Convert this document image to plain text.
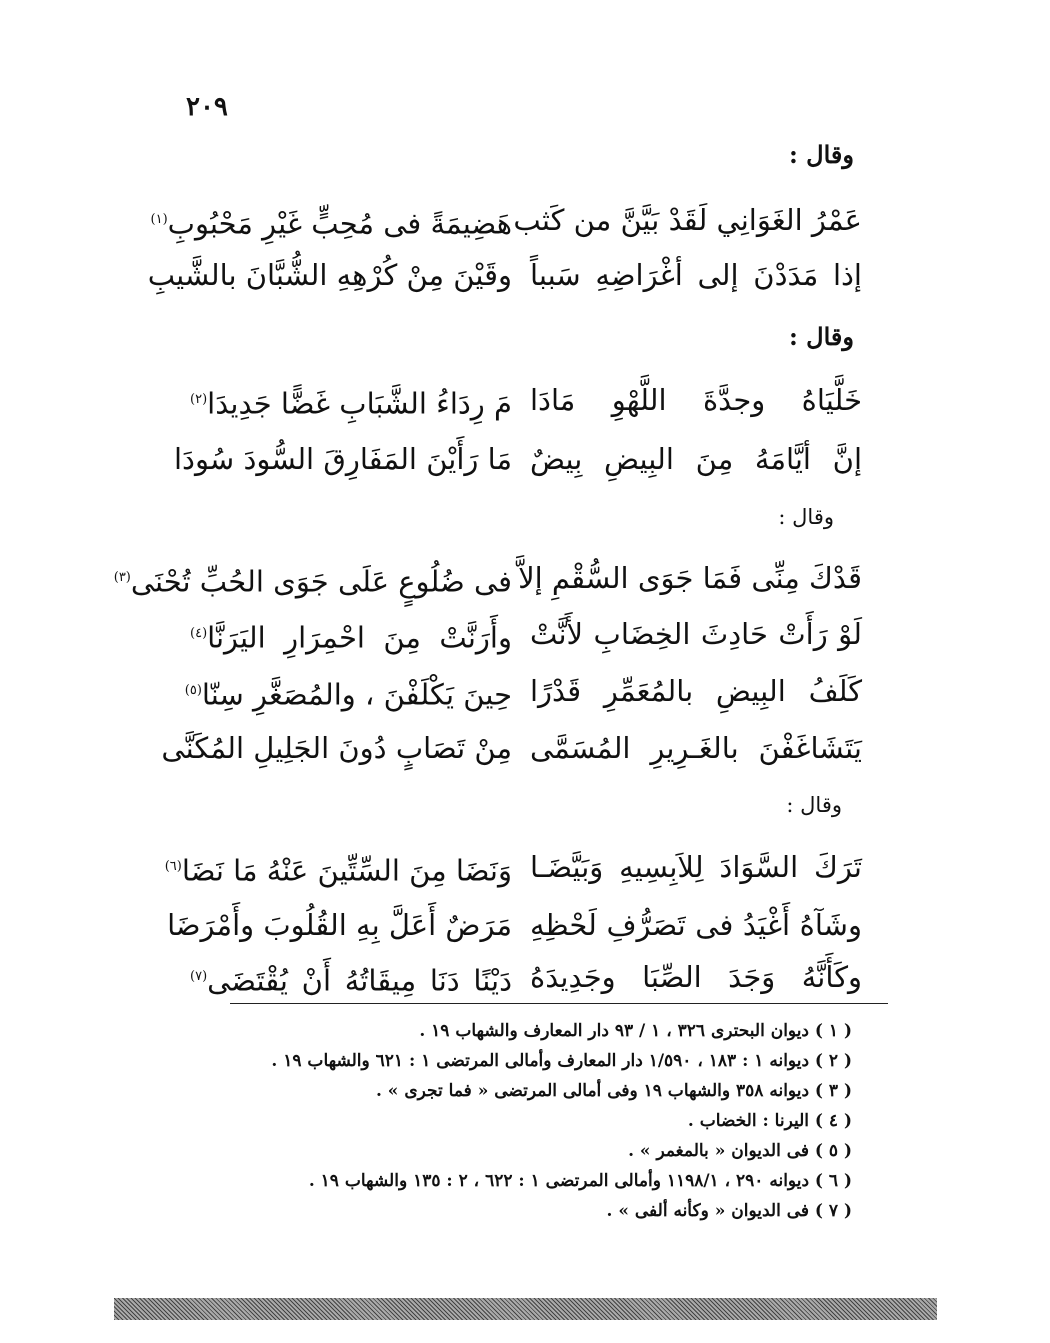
٢٠٩
وقال :
عَمْرُ الغَوَانِي لَقَدْ بَيَّنَّ من كَثب
هَضِيمَةً فى مُحِبٍّ غَيْرِ مَحْبُوبِ$^{(١)}$
إذا مَدَدْنَ إلى أغْرَاضِهِ سَبباً
وقَيْنَ مِنْ كُرْهِهِ الشُّبَّانَ بالشَّيبِ
وقال :
خَلَّيَاهُ وجدَّةَ اللَّهْوِ مَادَا
مَ رِدَاءُ الشَّبَابِ غَضًّا جَدِيدَا$^{(٢)}$
إنَّ أيَّامَهُ مِنَ البِيضِ بِيضٌ
مَا رَأَيْنَ المَفَارِقَ السُّودَ سُودَا
وقال :
قَدْكَ مِنِّى فَمَا جَوَى السُّقْمِ إلاَّ
فى ضُلُوعٍ عَلَى جَوَى الحُبِّ تُحْنَى$^{(٣)}$
لَوْ رَأَتْ حَادِثَ الخِضَابِ لأَنَّتْ
وأَرَنَّتْ مِنَ احْمِرَارِ اليَرَنَّا$^{(٤)}$
كَلَفُ البِيضِ بالمُعَمِّرِ قَدْرًا
حِينَ يَكْلَفْنَ ، والمُصَغَّرِ سِنّا$^{(٥)}$
يَتَشَاغَفْنَ بالغَـرِيرِ المُسَمَّى
مِنْ تَصَابٍ دُونَ الجَلِيلِ المُكَنَّى
وقال :
تَرَكَ السَّوَادَ لِلاَبِسِيهِ وَبَيَّضَـا
وَنَضَا مِنَ السِّتِّينَ عَنْهُ مَا نَضَا$^{(٦)}$
وشَآهُ أَغْيَدُ فى تَصَرُّفِ لَحْظِهِ
مَرَضٌ أَعَلَّ بِهِ القُلُوبَ وأَمْرَضَا
وكَأَنَّهُ وَجَدَ الصِّبَا وجَدِيدَهُ
دَيْنًا دَنَا مِيقَاتُهُ أَنْ يُقْتَضَى$^{(٧)}$
( ١ ) ديوان البحترى ٣٢٦ ، ١ / ٩٣ دار المعارف والشهاب ١٩ .
( ٢ ) ديوانه ١ : ١٨٣ ، ١/٥٩٠ دار المعارف وأمالى المرتضى ١ : ٦٢١ والشهاب ١٩ .
( ٣ ) ديوانه ٣٥٨ والشهاب ١٩ وفى أمالى المرتضى « فما تجرى » .
( ٤ ) اليرنا : الخضاب .
( ٥ ) فى الديوان « بالمغمر » .
( ٦ ) ديوانه ٢٩٠ ، ١١٩٨/١ وأمالى المرتضى ١ : ٦٢٢ ، ٢ : ١٣٥ والشهاب ١٩ .
( ٧ ) فى الديوان « وكأنه ألفى » .
